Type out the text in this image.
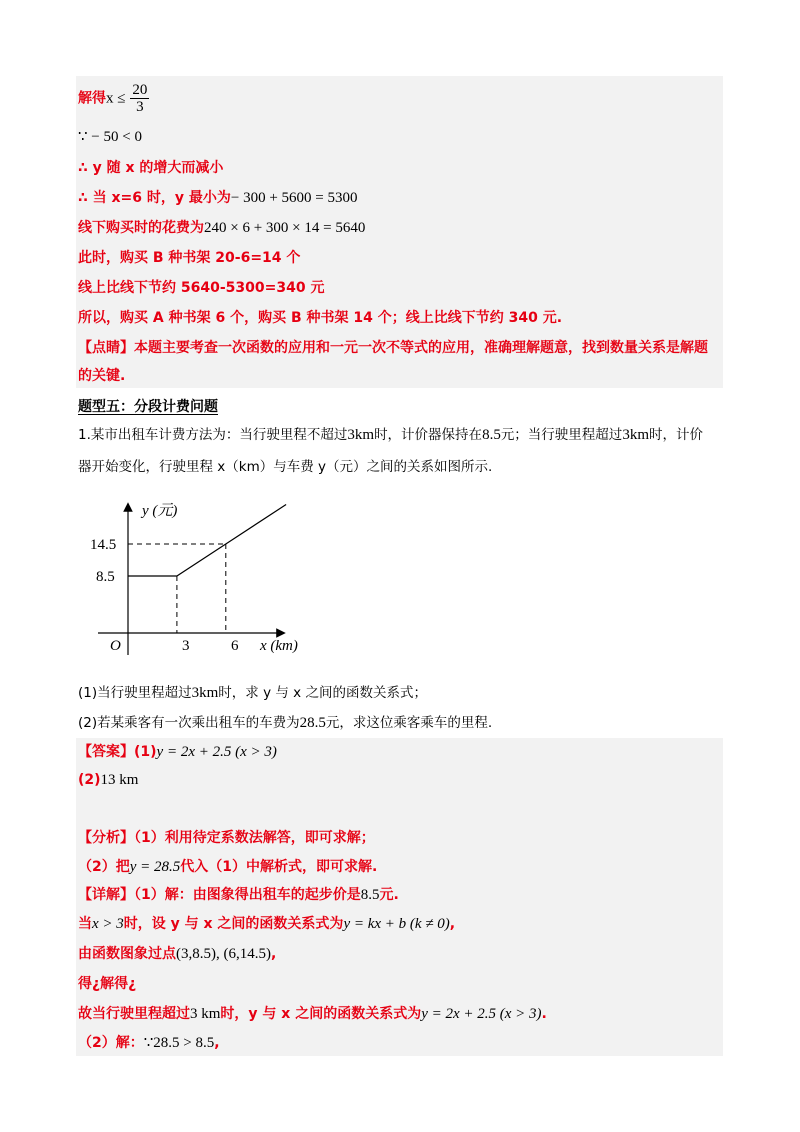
解得$x \le \frac{20}{3}$
∵ − 50 < 0
∴ y 随 x 的增大而减小
∴ 当 x=6 时，y 最小为− 300 + 5600 = 5300
线下购买时的花费为240 × 6 + 300 × 14 = 5640
此时，购买 B 种书架 20-6=14 个
线上比线下节约 5640-5300=340 元
所以，购买 A 种书架 6 个，购买 B 种书架 14 个；线上比线下节约 340 元.
【点睛】本题主要考查一次函数的应用和一元一次不等式的应用，准确理解题意，找到数量关系是解题
的关键.
题型五：分段计费问题
1.某市出租车计费方法为：当行驶里程不超过3km时，计价器保持在8.5元；当行驶里程超过3km时，计价
器开始变化，行驶里程 x（km）与车费 y（元）之间的关系如图所示.
y (元)
x (km)
O
14.5
8.5
3	6
(1)当行驶里程超过3km时，求 y 与 x 之间的函数关系式；
(2)若某乘客有一次乘出租车的车费为28.5元，求这位乘客乘车的里程.
【答案】(1)y = 2x + 2.5 (x > 3)
(2)13 km
【分析】（1）利用待定系数法解答，即可求解；
（2）把y = 28.5代入（1）中解析式，即可求解.
【详解】（1）解：由图象得出租车的起步价是8.5元.
当x > 3时，设 y 与 x 之间的函数关系式为y = kx + b (k ≠ 0),
由函数图象过点(3,8.5), (6,14.5),
得¿解得¿
故当行驶里程超过3 km时，y 与 x 之间的函数关系式为y = 2x + 2.5 (x > 3).
（2）解：∵28.5 > 8.5,
